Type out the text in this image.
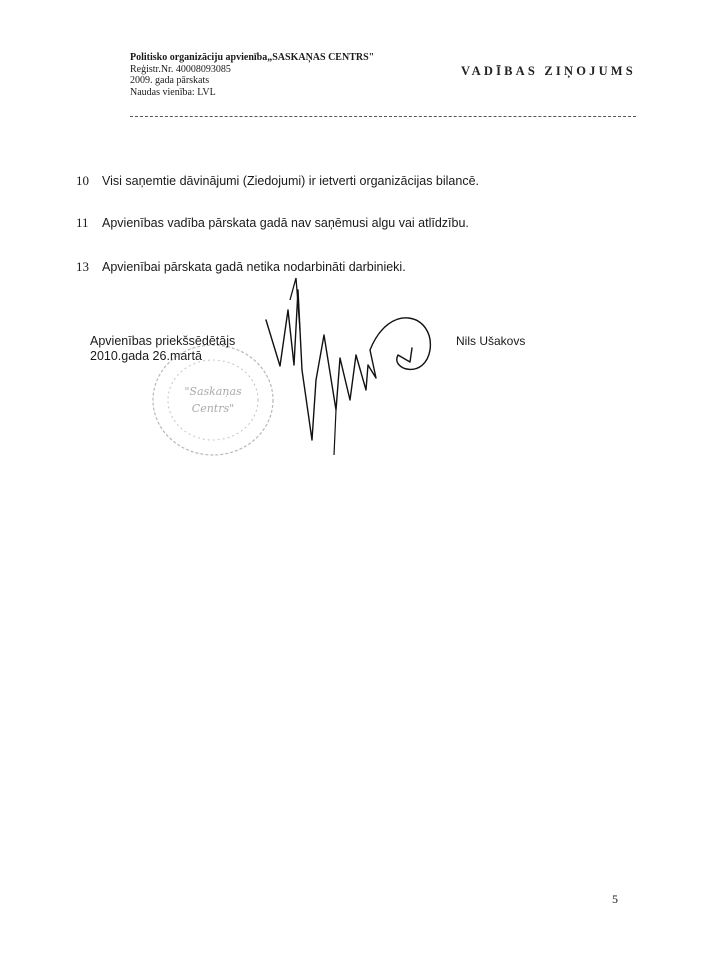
Politisko organizāciju apvienība„SASKAŅAS CENTRS"
Reģistr.Nr. 40008093085
2009. gada pārskats
Naudas vienība: LVL
VADĪBAS ZIŅOJUMS
10 Visi saņemtie dāvinājumi (Ziedojumi) ir ietverti organizācijas bilancē.
11 Apvienības vadība pārskata gadā nav saņēmusi algu vai atlīdzību.
13 Apvienībai pārskata gadā netika nodarbināti darbinieki.
"Saskaņas
Centrs"
Apvienības priekšsēdētājs
2010.gada 26.martā
Nils Ušakovs
5
